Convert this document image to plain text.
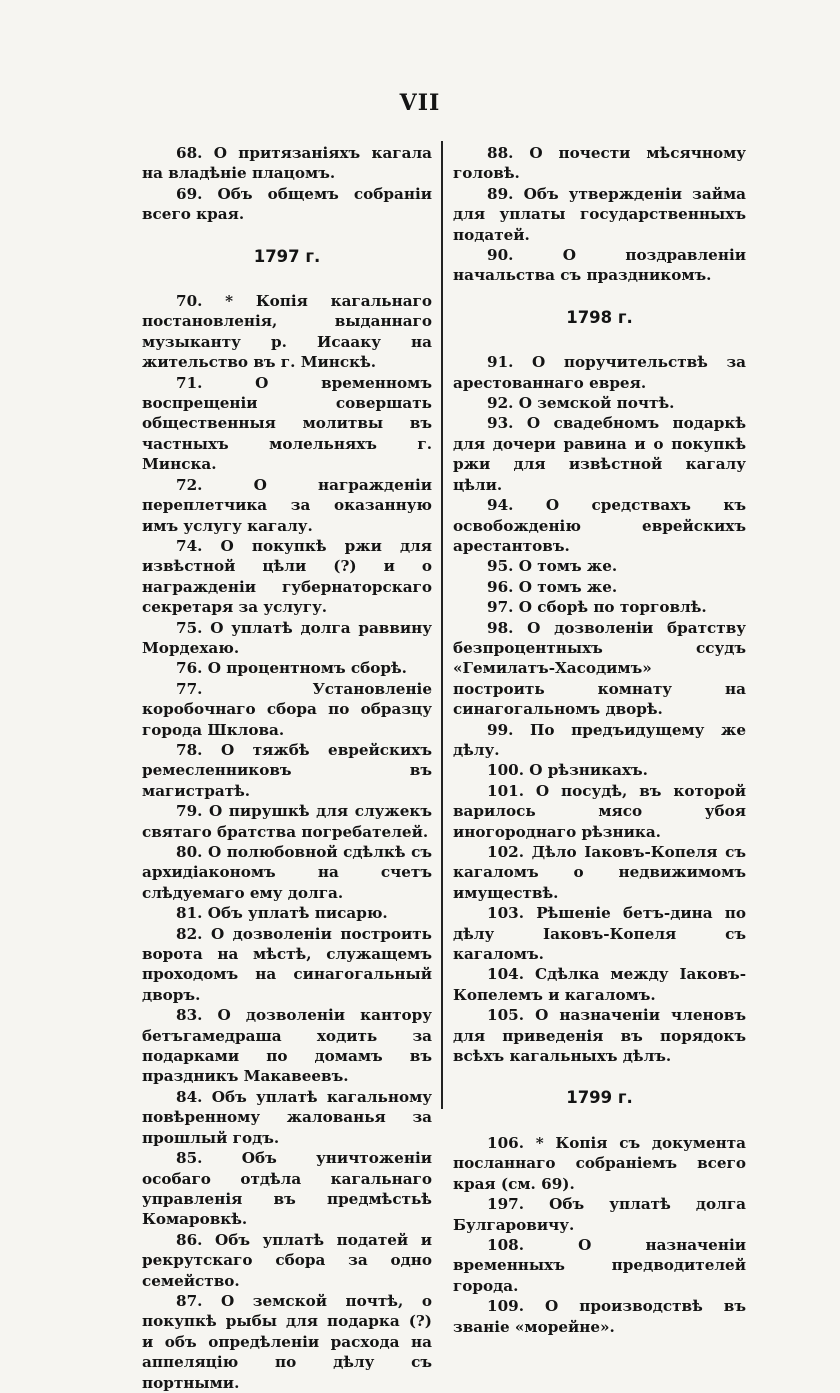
VII

68. О притязаніяхъ кагала на владѣніе плацомъ.

69. Объ общемъ собраніи всего края.

1797 г.

70. * Копія кагальнаго постановленія, выданнаго музыканту р. Исааку на жительство въ г. Минскѣ.

71. О временномъ воспрещеніи совершать общественныя молитвы въ частныхъ молельняхъ г. Минска.

72. О награжденіи переплетчика за оказанную имъ услугу кагалу.

74. О покупкѣ ржи для извѣстной цѣли (?) и о награжденіи губернаторскаго секретаря за услугу.

75. О уплатѣ долга раввину Мордехаю.

76. О процентномъ сборѣ.

77. Установленіе коробочнаго сбора по образцу города Шклова.

78. О тяжбѣ еврейскихъ ремесленниковъ въ магистратѣ.

79. О пирушкѣ для служекъ святаго братства погребателей.

80. О полюбовной сдѣлкѣ съ архидіакономъ на счетъ слѣдуемаго ему долга.

81. Объ уплатѣ писарю.

82. О дозволеніи построить ворота на мѣстѣ, служащемъ проходомъ на синагогальный дворъ.

83. О дозволеніи кантору бетъгамедраша ходить за подарками по домамъ въ праздникъ Макавеевъ.

84. Объ уплатѣ кагальному повѣренному жалованья за прошлый годъ.

85. Объ уничтоженіи особаго отдѣла кагальнаго управленія въ предмѣстьѣ Комаровкѣ.

86. Объ уплатѣ податей и рекрутскаго сбора за одно семейство.

87. О земской почтѣ, о покупкѣ рыбы для подарка (?) и объ опредѣленіи расхода на аппеляцію по дѣлу съ портными.

88. О почести мѣсячному головѣ.

89. Объ утвержденіи займа для уплаты государственныхъ податей.

90. О поздравленіи начальства съ праздникомъ.

1798 г.

91. О поручительствѣ за арестованнаго еврея.

92. О земской почтѣ.

93. О свадебномъ подаркѣ для дочери равина и о покупкѣ ржи для извѣстной кагалу цѣли.

94. О средствахъ къ освобожденію еврейскихъ арестантовъ.

95. О томъ же.

96. О томъ же.

97. О сборѣ по торговлѣ.

98. О дозволеніи братству безпроцентныхъ ссудъ «Гемилатъ-Хасодимъ» построить комнату на синагогальномъ дворѣ.

99. По предъидущему же дѣлу.

100. О рѣзникахъ.

101. О посудѣ, въ которой варилось мясо убоя иногороднаго рѣзника.

102. Дѣло Іаковъ-Копеля съ кагаломъ о недвижимомъ имуществѣ.

103. Рѣшеніе бетъ-дина по дѣлу Іаковъ-Копеля съ кагаломъ.

104. Сдѣлка между Іаковъ-Копелемъ и кагаломъ.

105. О назначеніи членовъ для приведенія въ порядокъ всѣхъ кагальныхъ дѣлъ.

1799 г.

106. * Копія съ документа посланнаго собраніемъ всего края (см. 69).

197. Объ уплатѣ долга Булгаровичу.

108. О назначеніи временныхъ предводителей города.

109. О производствѣ въ званіе «морейне».
